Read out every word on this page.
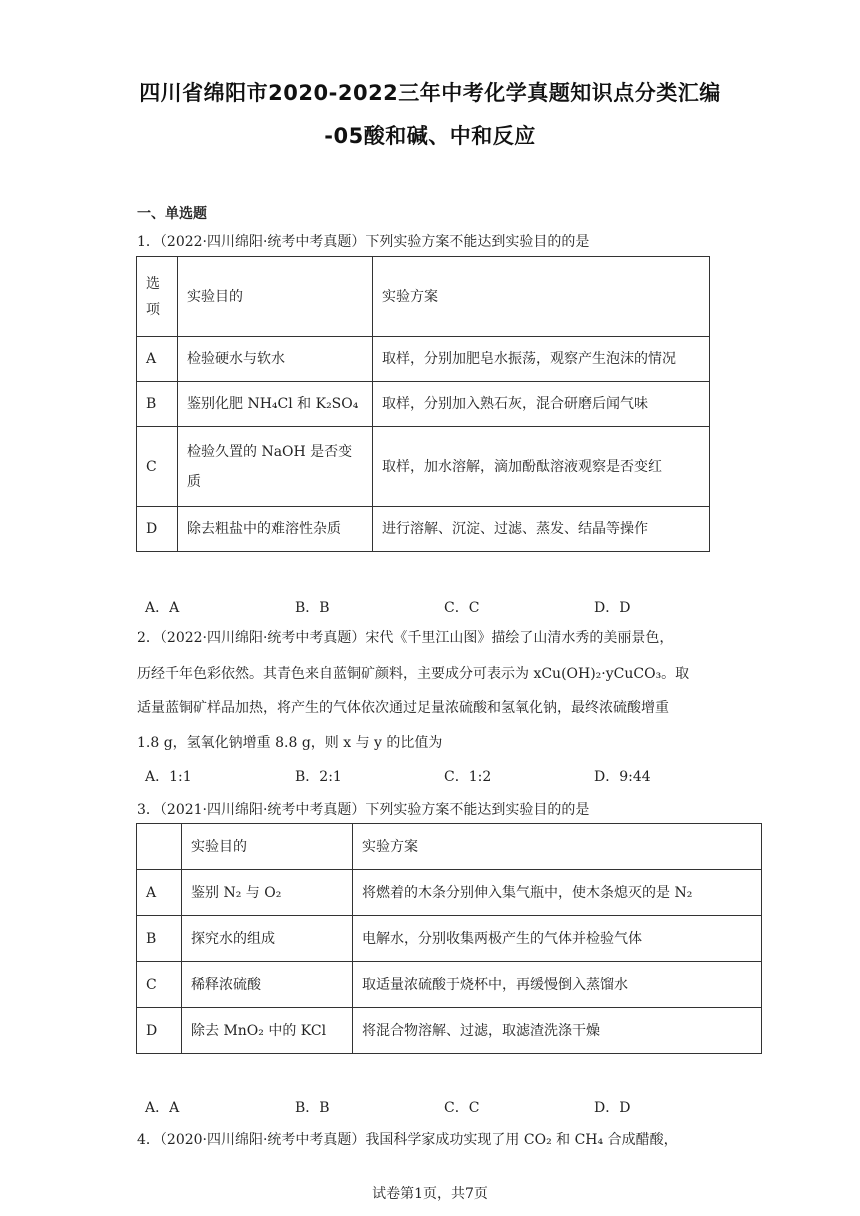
四川省绵阳市2020-2022三年中考化学真题知识点分类汇编
-05酸和碱、中和反应
一、单选题
1．（2022·四川绵阳·统考中考真题）下列实验方案不能达到实验目的的是
选项	实验目的	实验方案
A	检验硬水与软水	取样，分别加肥皂水振荡，观察产生泡沫的情况
B	鉴别化肥 NH₄Cl 和 K₂SO₄	取样，分别加入熟石灰，混合研磨后闻气味
C	检验久置的 NaOH 是否变质	取样，加水溶解，滴加酚酞溶液观察是否变红
D	除去粗盐中的难溶性杂质	进行溶解、沉淀、过滤、蒸发、结晶等操作
A．A	B．B	C．C	D．D
2．（2022·四川绵阳·统考中考真题）宋代《千里江山图》描绘了山清水秀的美丽景色，
历经千年色彩依然。其青色来自蓝铜矿颜料，主要成分可表示为 xCu(OH)₂·yCuCO₃。取
适量蓝铜矿样品加热，将产生的气体依次通过足量浓硫酸和氢氧化钠，最终浓硫酸增重
1.8 g，氢氧化钠增重 8.8 g，则 x 与 y 的比值为
A．1:1	B．2:1	C．1:2	D．9:44
3．（2021·四川绵阳·统考中考真题）下列实验方案不能达到实验目的的是
	实验目的	实验方案
A	鉴别 N₂ 与 O₂	将燃着的木条分别伸入集气瓶中，使木条熄灭的是 N₂
B	探究水的组成	电解水，分别收集两极产生的气体并检验气体
C	稀释浓硫酸	取适量浓硫酸于烧杯中，再缓慢倒入蒸馏水
D	除去 MnO₂ 中的 KCl	将混合物溶解、过滤，取滤渣洗涤干燥
A．A	B．B	C．C	D．D
4．（2020·四川绵阳·统考中考真题）我国科学家成功实现了用 CO₂ 和 CH₄ 合成醋酸，
试卷第1页，共7页
